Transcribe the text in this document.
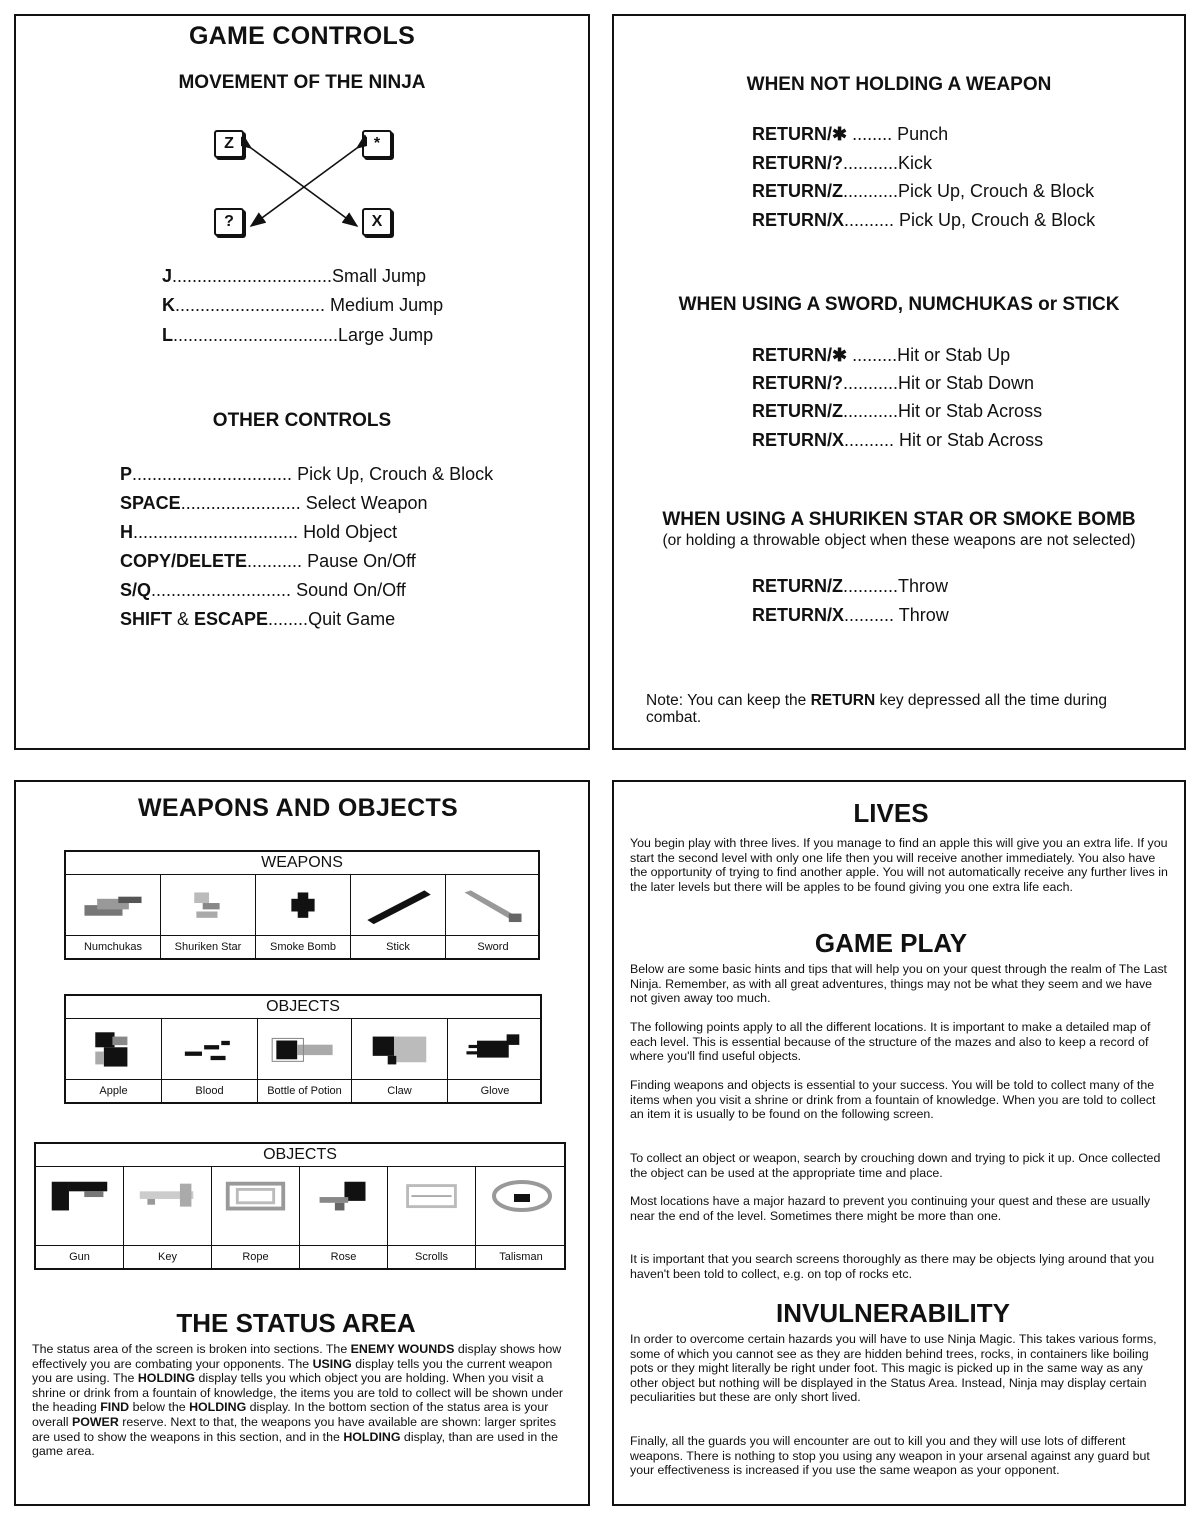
GAME CONTROLS
MOVEMENT OF THE NINJA
Z	*
?	X
J................................Small Jump
K.............................. Medium Jump
L.................................Large Jump
OTHER CONTROLS
P................................ Pick Up, Crouch & Block
SPACE........................ Select Weapon
H................................. Hold Object
COPY/DELETE........... Pause On/Off
S/Q............................ Sound On/Off
SHIFT & ESCAPE........Quit Game
WHEN NOT HOLDING A WEAPON
RETURN/✱ ........ Punch
RETURN/?...........Kick
RETURN/Z...........Pick Up, Crouch & Block
RETURN/X.......... Pick Up, Crouch & Block
WHEN USING A SWORD, NUMCHUKAS or STICK
RETURN/✱ .........Hit or Stab Up
RETURN/?...........Hit or Stab Down
RETURN/Z...........Hit or Stab Across
RETURN/X.......... Hit or Stab Across
WHEN USING A SHURIKEN STAR OR SMOKE BOMB
(or holding a throwable object when these weapons are not selected)
RETURN/Z...........Throw
RETURN/X.......... Throw
Note: You can keep the RETURN key depressed all the time during combat.
WEAPONS AND OBJECTS
WEAPONS
Numchukas	Shuriken Star	Smoke Bomb	Stick	Sword
OBJECTS
Apple	Blood	Bottle of Potion	Claw	Glove
OBJECTS
Gun	Key	Rope	Rose	Scrolls	Talisman
THE STATUS AREA
The status area of the screen is broken into sections. The ENEMY WOUNDS display shows how effectively you are combating your opponents. The USING display tells you the current weapon you are using. The HOLDING display tells you which object you are holding. When you visit a shrine or drink from a fountain of knowledge, the items you are told to collect will be shown under the heading FIND below the HOLDING display. In the bottom section of the status area is your overall POWER reserve. Next to that, the weapons you have available are shown: larger sprites are used to show the weapons in this section, and in the HOLDING display, than are used in the game area.
LIVES
You begin play with three lives. If you manage to find an apple this will give you an extra life. If you start the second level with only one life then you will receive another immediately. You also have the opportunity of trying to find another apple. You will not automatically receive any further lives in the later levels but there will be apples to be found giving you one extra life each.
GAME PLAY
Below are some basic hints and tips that will help you on your quest through the realm of The Last Ninja. Remember, as with all great adventures, things may not be what they seem and we have not given away too much.
The following points apply to all the different locations. It is important to make a detailed map of each level. This is essential because of the structure of the mazes and also to keep a record of where you'll find useful objects.
Finding weapons and objects is essential to your success. You will be told to collect many of the items when you visit a shrine or drink from a fountain of knowledge. When you are told to collect an item it is usually to be found on the following screen.
To collect an object or weapon, search by crouching down and trying to pick it up. Once collected the object can be used at the appropriate time and place.
Most locations have a major hazard to prevent you continuing your quest and these are usually near the end of the level. Sometimes there might be more than one.
It is important that you search screens thoroughly as there may be objects lying around that you haven't been told to collect, e.g. on top of rocks etc.
INVULNERABILITY
In order to overcome certain hazards you will have to use Ninja Magic. This takes various forms, some of which you cannot see as they are hidden behind trees, rocks, in containers like boiling pots or they might literally be right under foot. This magic is picked up in the same way as any other object but nothing will be displayed in the Status Area. Instead, Ninja may display certain peculiarities but these are only short lived.
Finally, all the guards you will encounter are out to kill you and they will use lots of different weapons. There is nothing to stop you using any weapon in your arsenal against any guard but your effectiveness is increased if you use the same weapon as your opponent.
